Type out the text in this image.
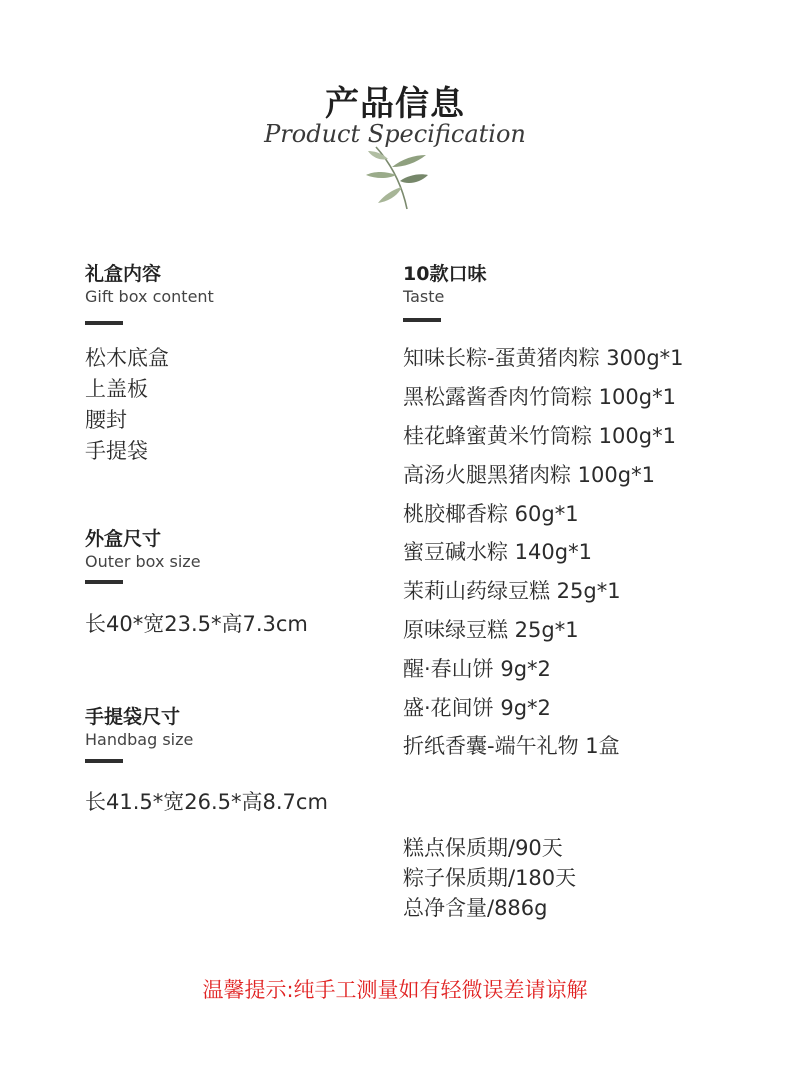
产品信息
Product Specification
礼盒内容
Gift box content
松木底盒
上盖板
腰封
手提袋
外盒尺寸
Outer box size
长40*宽23.5*高7.3cm
手提袋尺寸
Handbag size
长41.5*宽26.5*高8.7cm
10款口味
Taste
知味长粽-蛋黄猪肉粽 300g*1
黑松露酱香肉竹筒粽 100g*1
桂花蜂蜜黄米竹筒粽 100g*1
高汤火腿黑猪肉粽 100g*1
桃胶椰香粽 60g*1
蜜豆碱水粽 140g*1
茉莉山药绿豆糕 25g*1
原味绿豆糕 25g*1
醒·春山饼 9g*2
盛·花间饼 9g*2
折纸香囊-端午礼物 1盒
糕点保质期/90天
粽子保质期/180天
总净含量/886g
温馨提示:纯手工测量如有轻微误差请谅解
